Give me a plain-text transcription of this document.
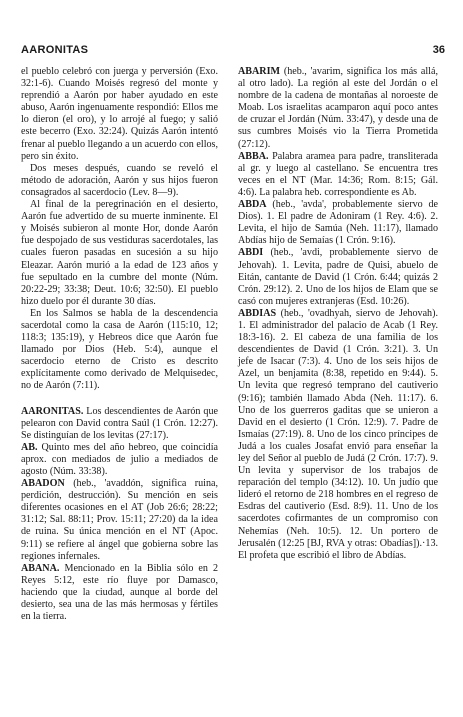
AARONITAS	36

el pueblo celebró con juerga y perversión (Exo. 32:1-6). Cuando Moisés regresó del monte y reprendió a Aarón por haber ayudado en este abuso, Aarón ingenuamente respondió: Ellos me lo dieron (el oro), y lo arrojé al fuego; y salió este becerro (Exo. 32:24). Quizás Aarón intentó frenar al pueblo llegando a un acuerdo con ellos, pero sin éxito.

Dos meses después, cuando se reveló el método de adoración, Aarón y sus hijos fueron consagrados al sacerdocio (Lev. 8—9).

Al final de la peregrinación en el desierto, Aarón fue advertido de su muerte inminente. El y Moisés subieron al monte Hor, donde Aarón fue despojado de sus vestiduras sacerdotales, las cuales fueron pasadas en sucesión a su hijo Eleazar. Aarón murió a la edad de 123 años y fue sepultado en la cumbre del monte (Núm. 20:22-29; 33:38; Deut. 10:6; 32:50). El pueblo hizo duelo por él durante 30 días.

En los Salmos se habla de la descendencia sacerdotal como la casa de Aarón (115:10, 12; 118:3; 135:19), y Hebreos dice que Aarón fue llamado por Dios (Heb. 5:4), aunque el sacerdocio eterno de Cristo es descrito explícitamente como derivado de Melquisedec, no de Aarón (7:11).

AARONITAS. Los descendientes de Aarón que pelearon con David contra Saúl (1 Crón. 12:27). Se distinguían de los levitas (27:17).

AB. Quinto mes del año hebreo, que coincidía aprox. con mediados de julio a mediados de agosto (Núm. 33:38).

ABADON (heb., 'avaddón, significa ruina, perdición, destrucción). Su mención en seis diferentes ocasiones en el AT (Job 26:6; 28:22; 31:12; Sal. 88:11; Prov. 15:11; 27:20) da la idea de ruina. Su única mención en el NT (Apoc. 9:11) se refiere al ángel que gobierna sobre las regiones infernales.

ABANA. Mencionado en la Biblia sólo en 2 Reyes 5:12, este río fluye por Damasco, haciendo que la ciudad, aunque al borde del desierto, sea una de las más hermosas y fértiles en la tierra.

ABARIM (heb., 'avarim, significa los más allá, al otro lado). La región al este del Jordán o el nombre de la cadena de montañas al noroeste de Moab. Los israelitas acamparon aquí poco antes de cruzar el Jordán (Núm. 33:47), y desde una de sus cumbres Moisés vio la Tierra Prometida (27:12).

ABBA. Palabra aramea para padre, transliterada al gr. y luego al castellano. Se encuentra tres veces en el NT (Mar. 14:36; Rom. 8:15; Gál. 4:6). La palabra heb. correspondiente es Ab.

ABDA (heb., 'avda', probablemente siervo de Dios). 1. El padre de Adoniram (1 Rey. 4:6). 2. Levita, el hijo de Samúa (Neh. 11:17), llamado Abdías hijo de Semaías (1 Crón. 9:16).

ABDI (heb., 'avdi, probablemente siervo de Jehovah). 1. Levita, padre de Quisi, abuelo de Eitán, cantante de David (1 Crón. 6:44; quizás 2 Crón. 29:12). 2. Uno de los hijos de Elam que se casó con mujeres extranjeras (Esd. 10:26).

ABDIAS (heb., 'ovadhyah, siervo de Jehovah). 1. El administrador del palacio de Acab (1 Rey. 18:3-16). 2. El cabeza de una familia de los descendientes de David (1 Crón. 3:21). 3. Un jefe de Isacar (7:3). 4. Uno de los seis hijos de Azel, un benjamita (8:38, repetido en 9:44). 5. Un levita que regresó temprano del cautiverio (9:16); también llamado Abda (Neh. 11:17). 6. Uno de los guerreros gaditas que se unieron a David en el desierto (1 Crón. 12:9). 7. Padre de Ismaías (27:19). 8. Uno de los cinco príncipes de Judá a los cuales Josafat envió para enseñar la ley del Señor al pueblo de Judá (2 Crón. 17:7). 9. Un levita y supervisor de los trabajos de reparación del templo (34:12). 10. Un judío que lideró el retorno de 218 hombres en el regreso de Esdras del cautiverio (Esd. 8:9). 11. Uno de los sacerdotes cofirmantes de un compromiso con Nehemías (Neh. 10:5). 12. Un portero de Jerusalén (12:25 [BJ, RVA y otras: Obadías]).·13. El profeta que escribió el libro de Abdías.
